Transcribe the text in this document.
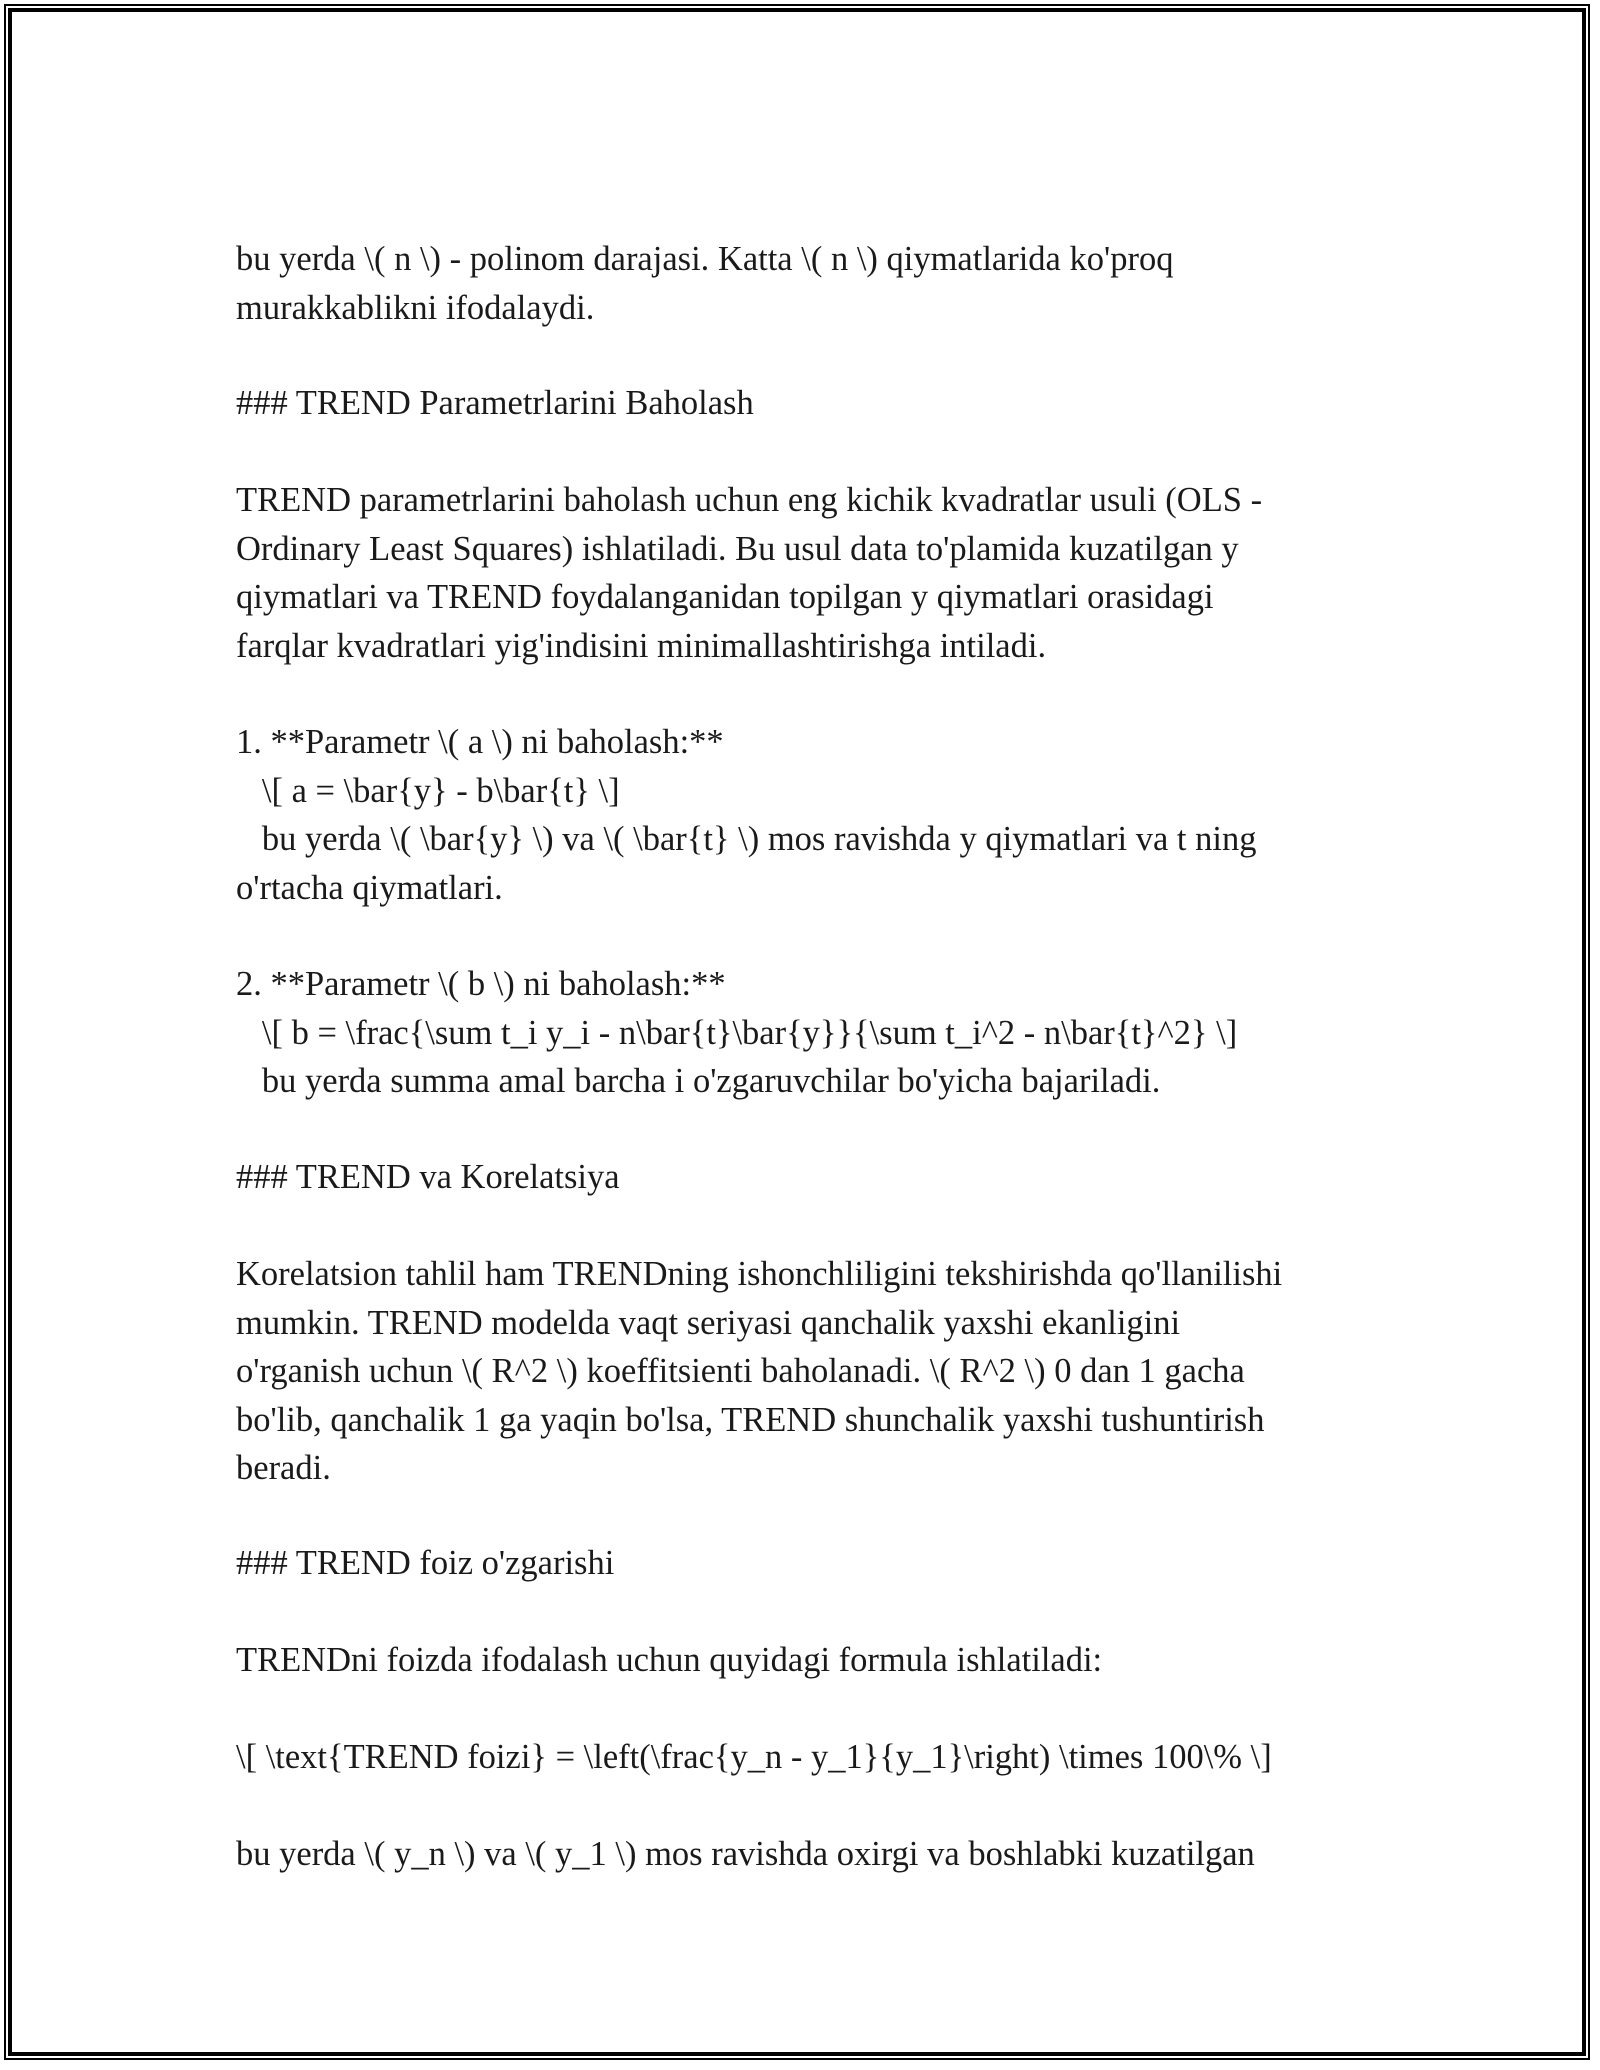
bu yerda \( n \) - polinom darajasi. Katta \( n \) qiymatlarida ko'proq
murakkablikni ifodalaydi.
### TREND Parametrlarini Baholash
TREND parametrlarini baholash uchun eng kichik kvadratlar usuli (OLS -
Ordinary Least Squares) ishlatiladi. Bu usul data to'plamida kuzatilgan y
qiymatlari va TREND foydalanganidan topilgan y qiymatlari orasidagi
farqlar kvadratlari yig'indisini minimallashtirishga intiladi.
1. **Parametr \( a \) ni baholash:**
\[ a = \bar{y} - b\bar{t} \]
bu yerda \( \bar{y} \) va \( \bar{t} \) mos ravishda y qiymatlari va t ning
o'rtacha qiymatlari.
2. **Parametr \( b \) ni baholash:**
\[ b = \frac{\sum t_i y_i - n\bar{t}\bar{y}}{\sum t_i^2 - n\bar{t}^2} \]
bu yerda summa amal barcha i o'zgaruvchilar bo'yicha bajariladi.
### TREND va Korelatsiya
Korelatsion tahlil ham TRENDning ishonchliligini tekshirishda qo'llanilishi
mumkin. TREND modelda vaqt seriyasi qanchalik yaxshi ekanligini
o'rganish uchun \( R^2 \) koeffitsienti baholanadi. \( R^2 \) 0 dan 1 gacha
bo'lib, qanchalik 1 ga yaqin bo'lsa, TREND shunchalik yaxshi tushuntirish
beradi.
### TREND foiz o'zgarishi
TRENDni foizda ifodalash uchun quyidagi formula ishlatiladi:
\[ \text{TREND foizi} = \left(\frac{y_n - y_1}{y_1}\right) \times 100\% \]
bu yerda \( y_n \) va \( y_1 \) mos ravishda oxirgi va boshlabki kuzatilgan
